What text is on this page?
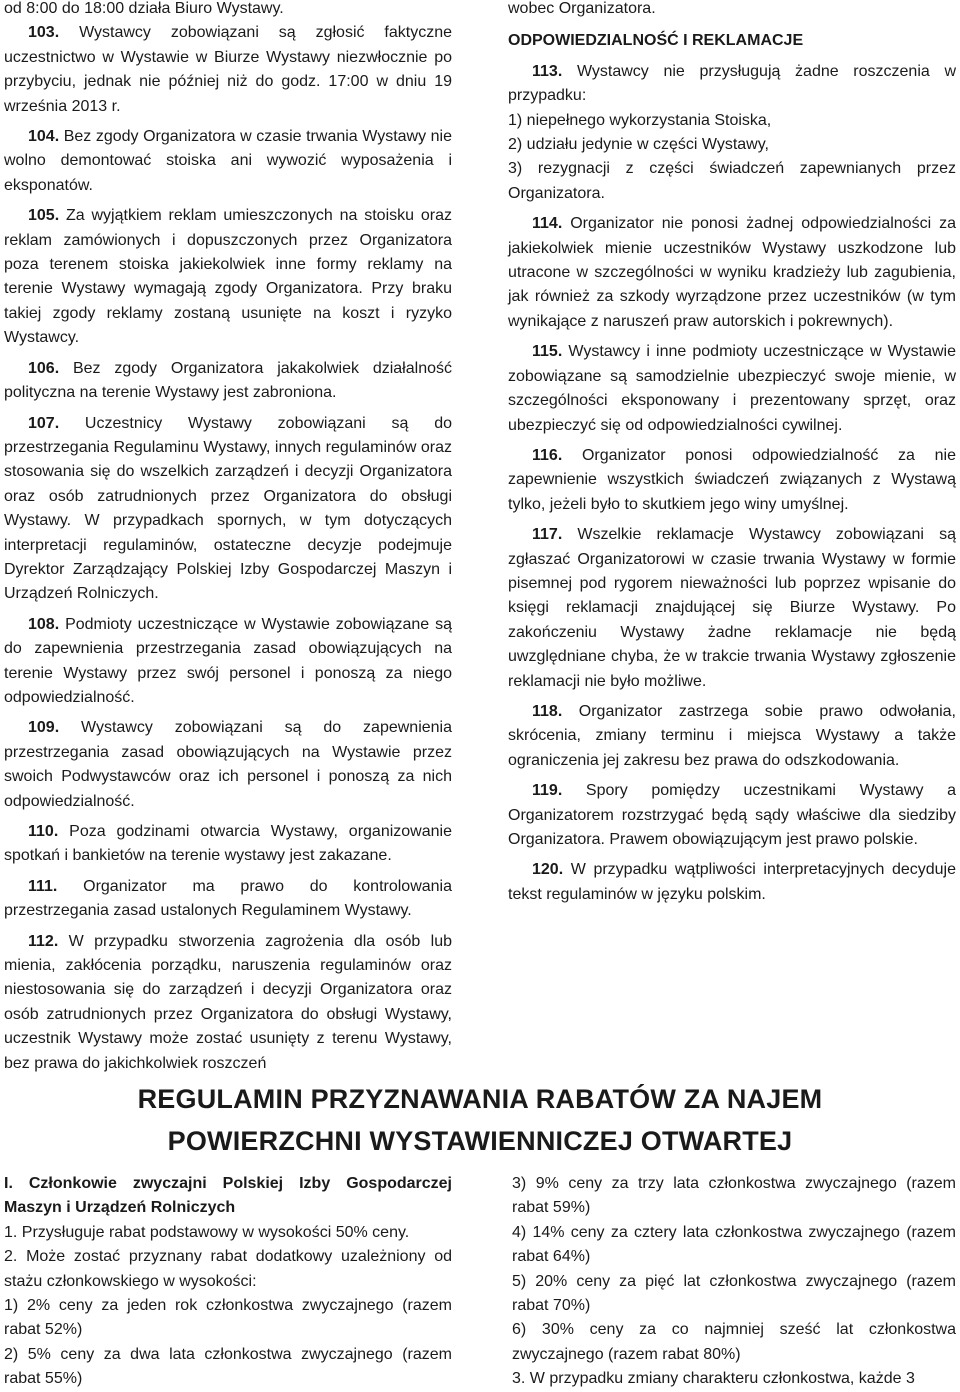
od 8:00 do 18:00 działa Biuro Wystawy.

103. Wystawcy zobowiązani są zgłosić faktyczne uczestnictwo w Wystawie w Biurze Wystawy niezwłocznie po przybyciu, jednak nie później niż do godz. 17:00 w dniu 19 września 2013 r.

104. Bez zgody Organizatora w czasie trwania Wystawy nie wolno demontować stoiska ani wywozić wyposażenia i eksponatów.

105. Za wyjątkiem reklam umieszczonych na stoisku oraz reklam zamówionych i dopuszczonych przez Organizatora poza terenem stoiska jakiekolwiek inne formy reklamy na terenie Wystawy wymagają zgody Organizatora. Przy braku takiej zgody reklamy zostaną usunięte na koszt i ryzyko Wystawcy.

106. Bez zgody Organizatora jakakolwiek działalność polityczna na terenie Wystawy jest zabroniona.

107. Uczestnicy Wystawy zobowiązani są do przestrzegania Regulaminu Wystawy, innych regulaminów oraz stosowania się do wszelkich zarządzeń i decyzji Organizatora oraz osób zatrudnionych przez Organizatora do obsługi Wystawy. W przypadkach spornych, w tym dotyczących interpretacji regulaminów, ostateczne decyzje podejmuje Dyrektor Zarządzający Polskiej Izby Gospodarczej Maszyn i Urządzeń Rolniczych.

108. Podmioty uczestniczące w Wystawie zobowiązane są do zapewnienia przestrzegania zasad obowiązujących na terenie Wystawy przez swój personel i ponoszą za niego odpowiedzialność.

109. Wystawcy zobowiązani są do zapewnienia przestrzegania zasad obowiązujących na Wystawie przez swoich Podwystawców oraz ich personel i ponoszą za nich odpowiedzialność.

110. Poza godzinami otwarcia Wystawy, organizowanie spotkań i bankietów na terenie wystawy jest zakazane.

111. Organizator ma prawo do kontrolowania przestrzegania zasad ustalonych Regulaminem Wystawy.

112. W przypadku stworzenia zagrożenia dla osób lub mienia, zakłócenia porządku, naruszenia regulaminów oraz niestosowania się do zarządzeń i decyzji Organizatora oraz osób zatrudnionych przez Organizatora do obsługi Wystawy, uczestnik Wystawy może zostać usunięty z terenu Wystawy, bez prawa do jakichkolwiek roszczeń

wobec Organizatora.

ODPOWIEDZIALNOŚĆ I REKLAMACJE

113. Wystawcy nie przysługują żadne roszczenia w przypadku:

1) niepełnego wykorzystania Stoiska,

2) udziału jedynie w części Wystawy,

3) rezygnacji z części świadczeń zapewnianych przez Organizatora.

114. Organizator nie ponosi żadnej odpowiedzialności za jakiekolwiek mienie uczestników Wystawy uszkodzone lub utracone w szczególności w wyniku kradzieży lub zagubienia, jak również za szkody wyrządzone przez uczestników (w tym wynikające z naruszeń praw autorskich i pokrewnych).

115. Wystawcy i inne podmioty uczestniczące w Wystawie zobowiązane są samodzielnie ubezpieczyć swoje mienie, w szczególności eksponowany i prezentowany sprzęt, oraz ubezpieczyć się od odpowiedzialności cywilnej.

116. Organizator ponosi odpowiedzialność za nie zapewnienie wszystkich świadczeń związanych z Wystawą tylko, jeżeli było to skutkiem jego winy umyślnej.

117. Wszelkie reklamacje Wystawcy zobowiązani są zgłaszać Organizatorowi w czasie trwania Wystawy w formie pisemnej pod rygorem nieważności lub poprzez wpisanie do księgi reklamacji znajdującej się Biurze Wystawy. Po zakończeniu Wystawy żadne reklamacje nie będą uwzględniane chyba, że w trakcie trwania Wystawy zgłoszenie reklamacji nie było możliwe.

118. Organizator zastrzega sobie prawo odwołania, skrócenia, zmiany terminu i miejsca Wystawy a także ograniczenia jej zakresu bez prawa do odszkodowania.

119. Spory pomiędzy uczestnikami Wystawy a Organizatorem rozstrzygać będą sądy właściwe dla siedziby Organizatora. Prawem obowiązującym jest prawo polskie.

120. W przypadku wątpliwości interpretacyjnych decyduje tekst regulaminów w języku polskim.

REGULAMIN PRZYZNAWANIA RABATÓW ZA NAJEM
POWIERZCHNI WYSTAWIENNICZEJ OTWARTEJ

I. Członkowie zwyczajni Polskiej Izby Gospodarczej Maszyn i Urządzeń Rolniczych

1. Przysługuje rabat podstawowy w wysokości 50% ceny.

2. Może zostać przyznany rabat dodatkowy uzależniony od stażu członkowskiego w wysokości:

1) 2% ceny za jeden rok członkostwa zwyczajnego (razem rabat 52%)

2) 5% ceny za dwa lata członkostwa zwyczajnego (razem rabat 55%)

3) 9% ceny za trzy lata członkostwa zwyczajnego (razem rabat 59%)

4) 14% ceny za cztery lata członkostwa zwyczajnego (razem rabat 64%)

5) 20% ceny za pięć lat członkostwa zwyczajnego (razem rabat 70%)

6) 30% ceny za co najmniej sześć lat członkostwa zwyczajnego (razem rabat 80%)

3. W przypadku zmiany charakteru członkostwa, każde 3
